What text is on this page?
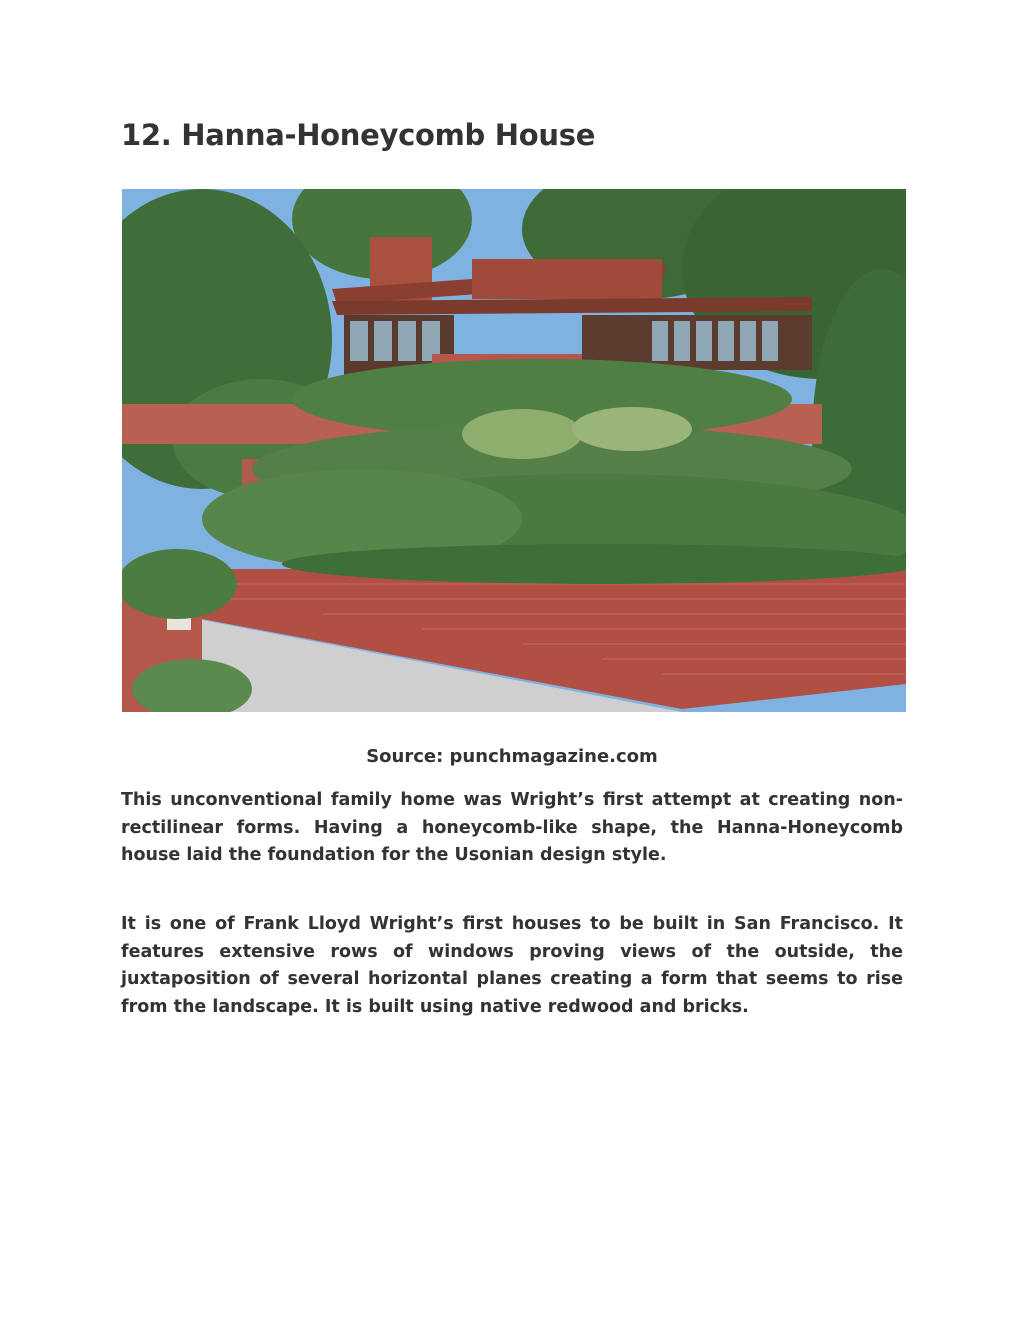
12. Hanna-Honeycomb House
Source: punchmagazine.com

This unconventional family home was Wright’s first attempt at creating non-rectilinear forms. Having a honeycomb-like shape, the Hanna-Honeycomb house laid the foundation for the Usonian design style.

It is one of Frank Lloyd Wright’s first houses to be built in San Francisco. It features extensive rows of windows proving views of the outside, the juxtaposition of several horizontal planes creating a form that seems to rise from the landscape. It is built using native redwood and bricks.
